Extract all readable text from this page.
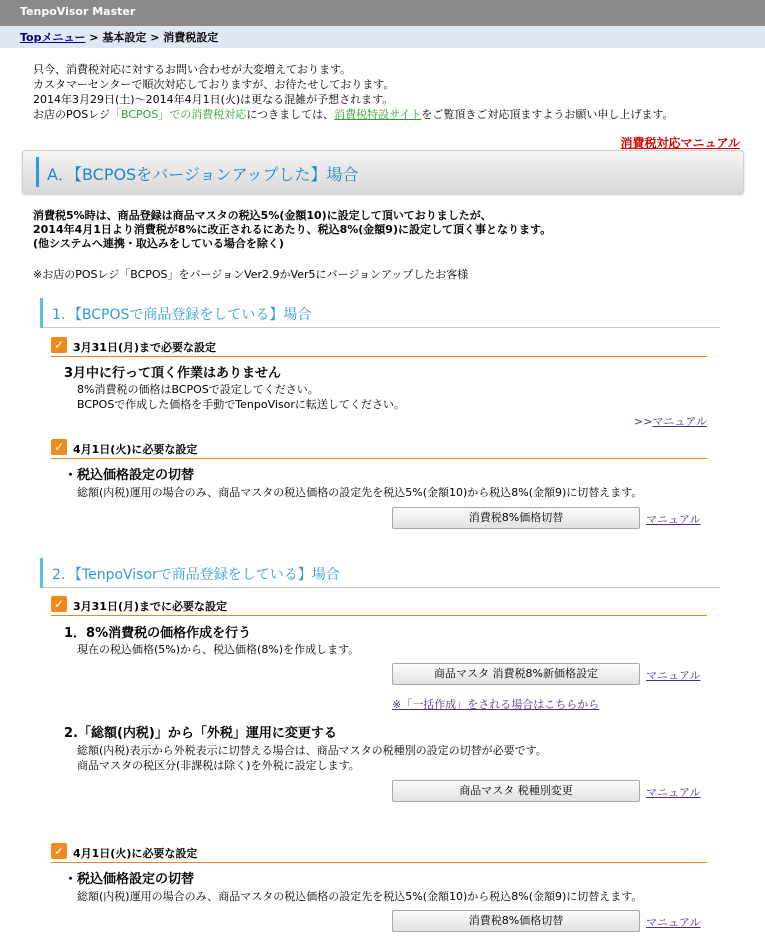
TenpoVisor Master
Topメニュー > 基本設定 > 消費税設定
只今、消費税対応に対するお問い合わせが大変増えております。
カスタマーセンターで順次対応しておりますが、お待たせしております。
2014年3月29日(土)〜2014年4月1日(火)は更なる混雑が予想されます。
お店のPOSレジ「BCPOS」での消費税対応につきましては、消費税特設サイトをご覧頂きご対応頂ますようお願い申し上げます。
消費税対応マニュアル
A．【BCPOSをバージョンアップした】場合
消費税5%時は、商品登録は商品マスタの税込5%(金額10)に設定して頂いておりましたが、
2014年4月1日より消費税が8%に改正されるにあたり、税込8%(金額9)に設定して頂く事となります。
(他システムへ連携・取込みをしている場合を除く)
※お店のPOSレジ「BCPOS」をバージョンVer2.9かVer5にバージョンアップしたお客様
1．【BCPOSで商品登録をしている】場合
✓ 3月31日(月)まで必要な設定
3月中に行って頂く作業はありません
8%消費税の価格はBCPOSで設定してください。
BCPOSで作成した価格を手動でTenpoVisorに転送してください。
>>マニュアル
✓ 4月1日(火)に必要な設定
・税込価格設定の切替
総額(内税)運用の場合のみ、商品マスタの税込価格の設定先を税込5%(金額10)から税込8%(金額9)に切替えます。
消費税8%価格切替	マニュアル
2．【TenpoVisorで商品登録をしている】場合
✓ 3月31日(月)までに必要な設定
1．8%消費税の価格作成を行う
現在の税込価格(5%)から、税込価格(8%)を作成します。
商品マスタ 消費税8%新価格設定	マニュアル
※「一括作成」をされる場合はこちらから
2.「総額(内税)」から「外税」運用に変更する
総額(内税)表示から外税表示に切替える場合は、商品マスタの税種別の設定の切替が必要です。
商品マスタの税区分(非課税は除く)を外税に設定します。
商品マスタ 税種別変更	マニュアル
✓ 4月1日(火)に必要な設定
・税込価格設定の切替
総額(内税)運用の場合のみ、商品マスタの税込価格の設定先を税込5%(金額10)から税込8%(金額9)に切替えます。
消費税8%価格切替	マニュアル
